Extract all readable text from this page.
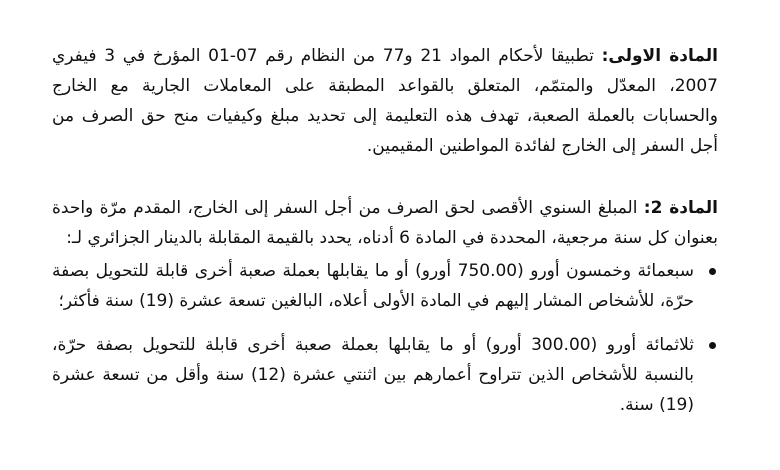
المادة الاولى: تطبيقا لأحكام المواد 21 و77 من النظام رقم 07-01 المؤرخ في 3 فيفري 2007، المعدّل والمتمّم، المتعلق بالقواعد المطبقة على المعاملات الجارية مع الخارج والحسابات بالعملة الصعبة، تهدف هذه التعليمة إلى تحديد مبلغ وكيفيات منح حق الصرف من أجل السفر إلى الخارج لفائدة المواطنين المقيمين.

المادة 2: المبلغ السنوي الأقصى لحق الصرف من أجل السفر إلى الخارج، المقدم مرّة واحدة بعنوان كل سنة مرجعية، المحددة في المادة 6 أدناه، يحدد بالقيمة المقابلة بالدينار الجزائري لـ:

سبعمائة وخمسون أورو (750.00 أورو) أو ما يقابلها بعملة صعبة أخرى قابلة للتحويل بصفة حرّة، للأشخاص المشار إليهم في المادة الأولى أعلاه، البالغين تسعة عشرة (19) سنة فأكثر؛
ثلاثمائة أورو (300.00 أورو) أو ما يقابلها بعملة صعبة أخرى قابلة للتحويل بصفة حرّة، بالنسبة للأشخاص الذين تتراوح أعمارهم بين اثنتي عشرة (12) سنة وأقل من تسعة عشرة (19) سنة.
